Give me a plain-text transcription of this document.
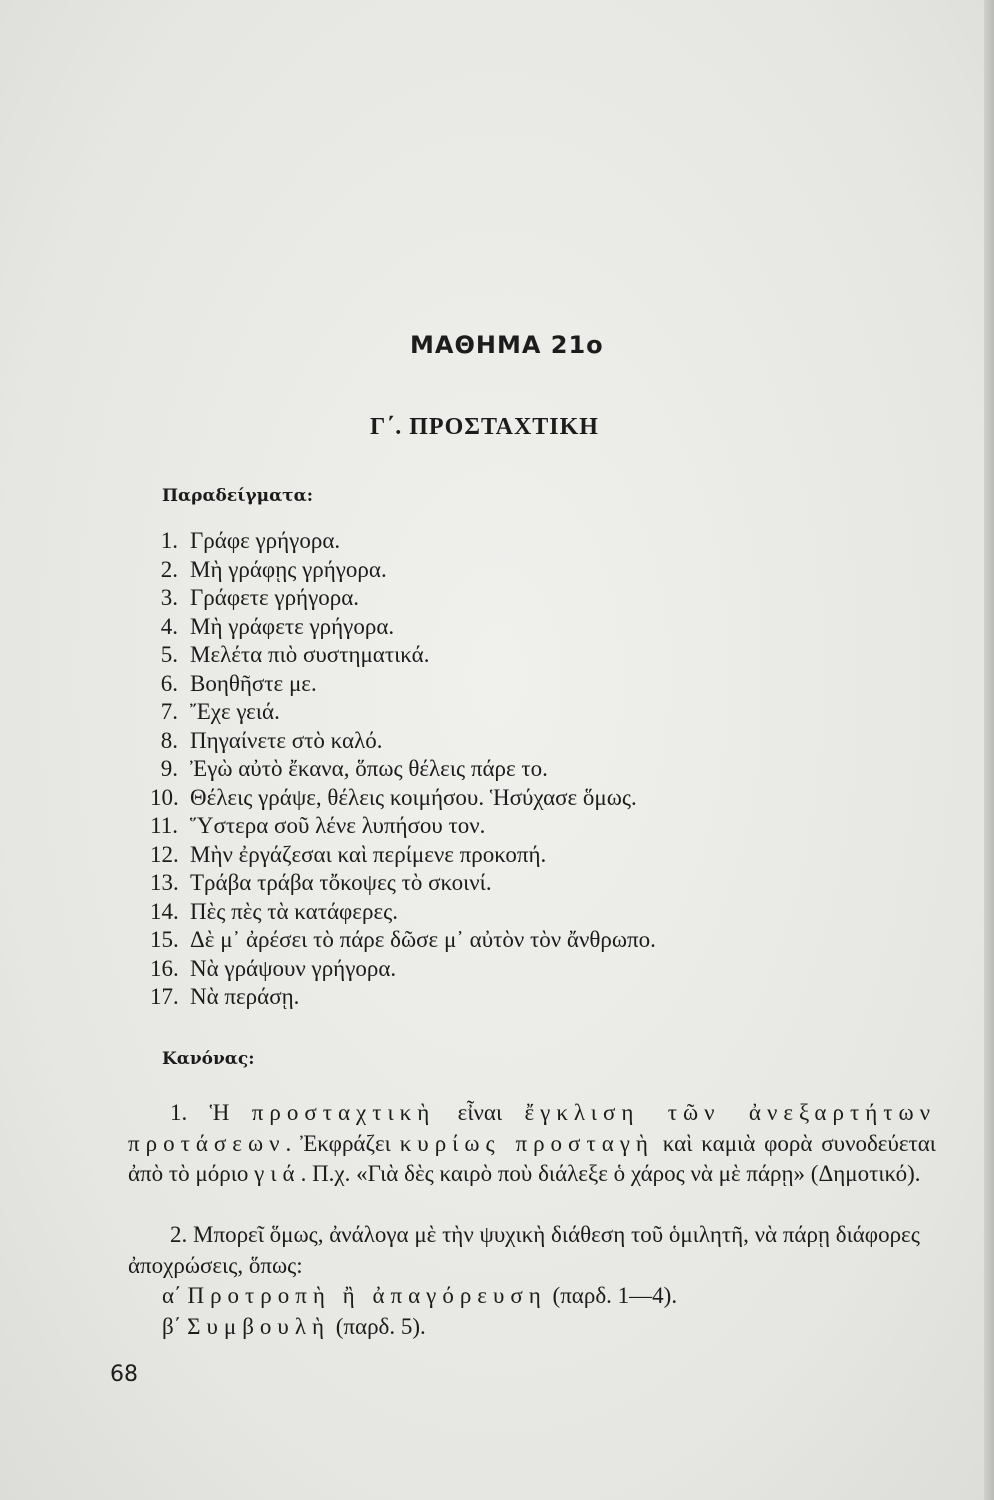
ΜΑΘΗΜΑ 21ο
Γ΄. ΠΡΟΣΤΑΧΤΙΚΗ
Παραδείγματα:
1. Γράφε γρήγορα.
2. Μὴ γράφῃς γρήγορα.
3. Γράφετε γρήγορα.
4. Μὴ γράφετε γρήγορα.
5. Μελέτα πιὸ συστηματικά.
6. Βοηθῆστε με.
7. Ἔχε γειά.
8. Πηγαίνετε στὸ καλό.
9. Ἐγὼ αὐτὸ ἔκανα, ὅπως θέλεις πάρε το.
10. Θέλεις γράψε, θέλεις κοιμήσου. Ἡσύχασε ὅμως.
11. Ὕστερα σοῦ λένε λυπήσου τον.
12. Μὴν ἐργάζεσαι καὶ περίμενε προκοπή.
13. Τράβα τράβα τὄκοψες τὸ σκοινί.
14. Πὲς πὲς τὰ κατάφερες.
15. Δὲ μ᾿ ἀρέσει τὸ πάρε δῶσε μ᾿ αὐτὸν τὸν ἄνθρωπο.
16. Νὰ γράψουν γρήγορα.
17. Νὰ περάσῃ.
Κανόνας:

1. Ἡ προσταχτικὴ εἶναι ἔγκλιση τῶν ἀνεξαρτήτων προτάσεων. Ἐκφράζει κυρίως προσταγὴ καὶ καμιὰ φορὰ συνοδεύεται ἀπὸ τὸ μόριο γιά. Π.χ. «Γιὰ δὲς καιρὸ ποὺ διάλεξε ὁ χάρος νὰ μὲ πάρῃ» (Δημοτικό).

2. Μπορεῖ ὅμως, ἀνάλογα μὲ τὴν ψυχικὴ διάθεση τοῦ ὁμιλητῆ, νὰ πάρῃ διάφορες ἀποχρώσεις, ὅπως:

α΄ Προτροπὴ ἢ ἀπαγόρευση (παρδ. 1—4).
β΄ Συμβουλὴ (παρδ. 5).
68
